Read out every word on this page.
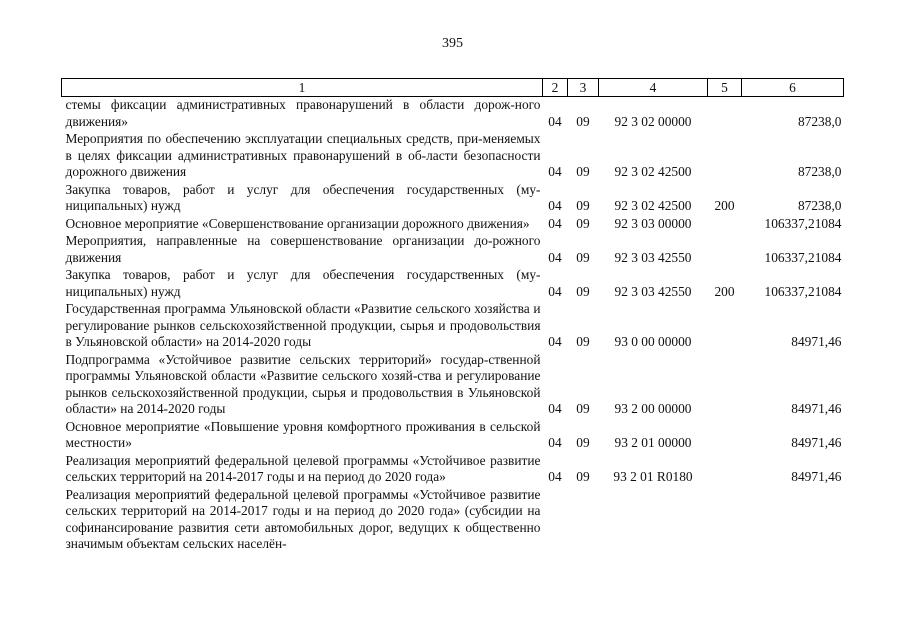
395
1	2	3	4	5	6
стемы фиксации административных правонарушений в области дорож-ного движения»	04	09	92 3 02 00000		87238,0
Мероприятия по обеспечению эксплуатации специальных средств, при-меняемых в целях фиксации административных правонарушений в об-ласти безопасности дорожного движения	04	09	92 3 02 42500		87238,0
Закупка товаров, работ и услуг для обеспечения государственных (му-ниципальных) нужд	04	09	92 3 02 42500	200	87238,0
Основное мероприятие «Совершенствование организации дорожного движения»	04	09	92 3 03 00000		106337,21084
Мероприятия, направленные на совершенствование организации до-рожного движения	04	09	92 3 03 42550		106337,21084
Закупка товаров, работ и услуг для обеспечения государственных (му-ниципальных) нужд	04	09	92 3 03 42550	200	106337,21084
Государственная программа Ульяновской области «Развитие сельского хозяйства и регулирование рынков сельскохозяйственной продукции, сырья и продовольствия в Ульяновской области» на 2014-2020 годы	04	09	93 0 00 00000		84971,46
Подпрограмма «Устойчивое развитие сельских территорий» государ-ственной программы Ульяновской области «Развитие сельского хозяй-ства и регулирование рынков сельскохозяйственной продукции, сырья и продовольствия в Ульяновской области» на 2014-2020 годы	04	09	93 2 00 00000		84971,46
Основное мероприятие «Повышение уровня комфортного проживания в сельской местности»	04	09	93 2 01 00000		84971,46
Реализация мероприятий федеральной целевой программы «Устойчивое развитие сельских территорий на 2014-2017 годы и на период до 2020 года»	04	09	93 2 01 R0180		84971,46
Реализация мероприятий федеральной целевой программы «Устойчивое развитие сельских территорий на 2014-2017 годы и на период до 2020 года» (субсидии на софинансирование развития сети автомобильных дорог, ведущих к общественно значимым объектам сельских населён-					
